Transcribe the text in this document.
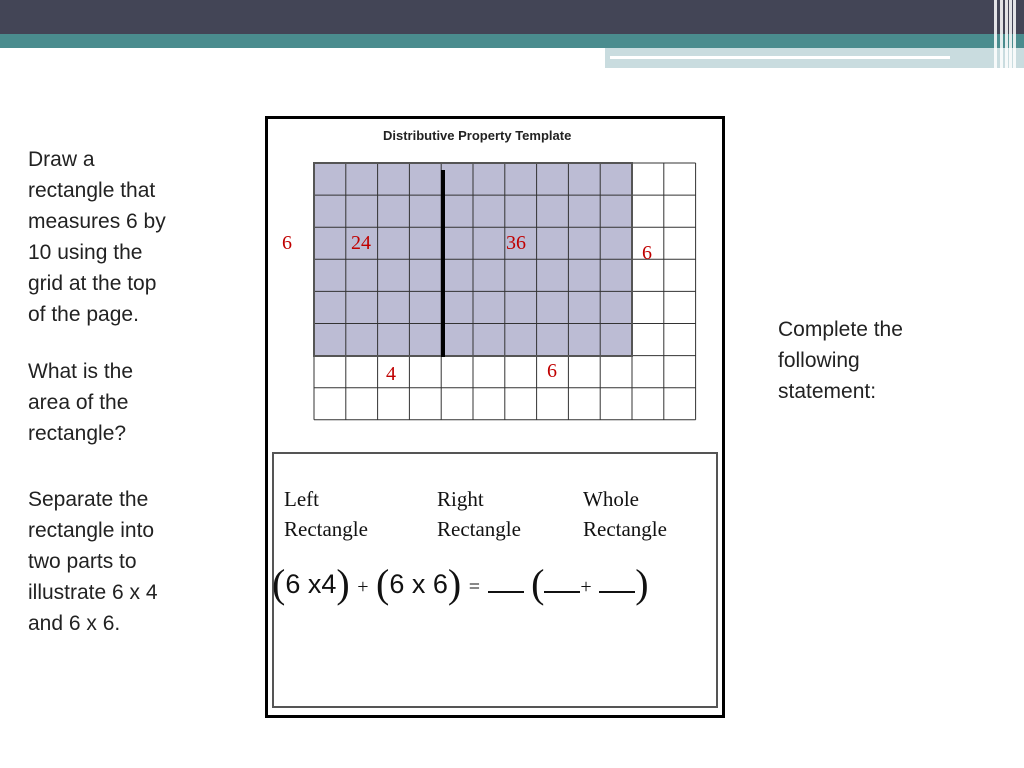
Draw a
rectangle that
measures 6 by
10 using the
grid at the top
of the page.
What is the
area of the
rectangle?
Separate the
rectangle into
two parts to
illustrate 6 x 4
and 6 x 6.
Complete the
following
statement:
Distributive Property Template
6	24	36	6
4	6
Left
Rectangle
Right
Rectangle
Whole
Rectangle
(6 x4) + (6 x 6) = ( + )
